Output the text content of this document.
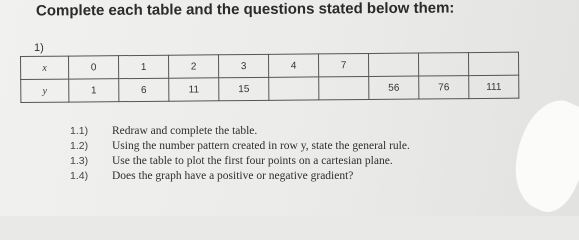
Complete each table and the questions stated below them:
1)
x	0	1	2	3	4	7			
y	1	6	11	15			56	76	111
1.1)	Redraw and complete the table.
1.2)	Using the number pattern created in row y, state the general rule.
1.3)	Use the table to plot the first four points on a cartesian plane.
1.4)	Does the graph have a positive or negative gradient?
